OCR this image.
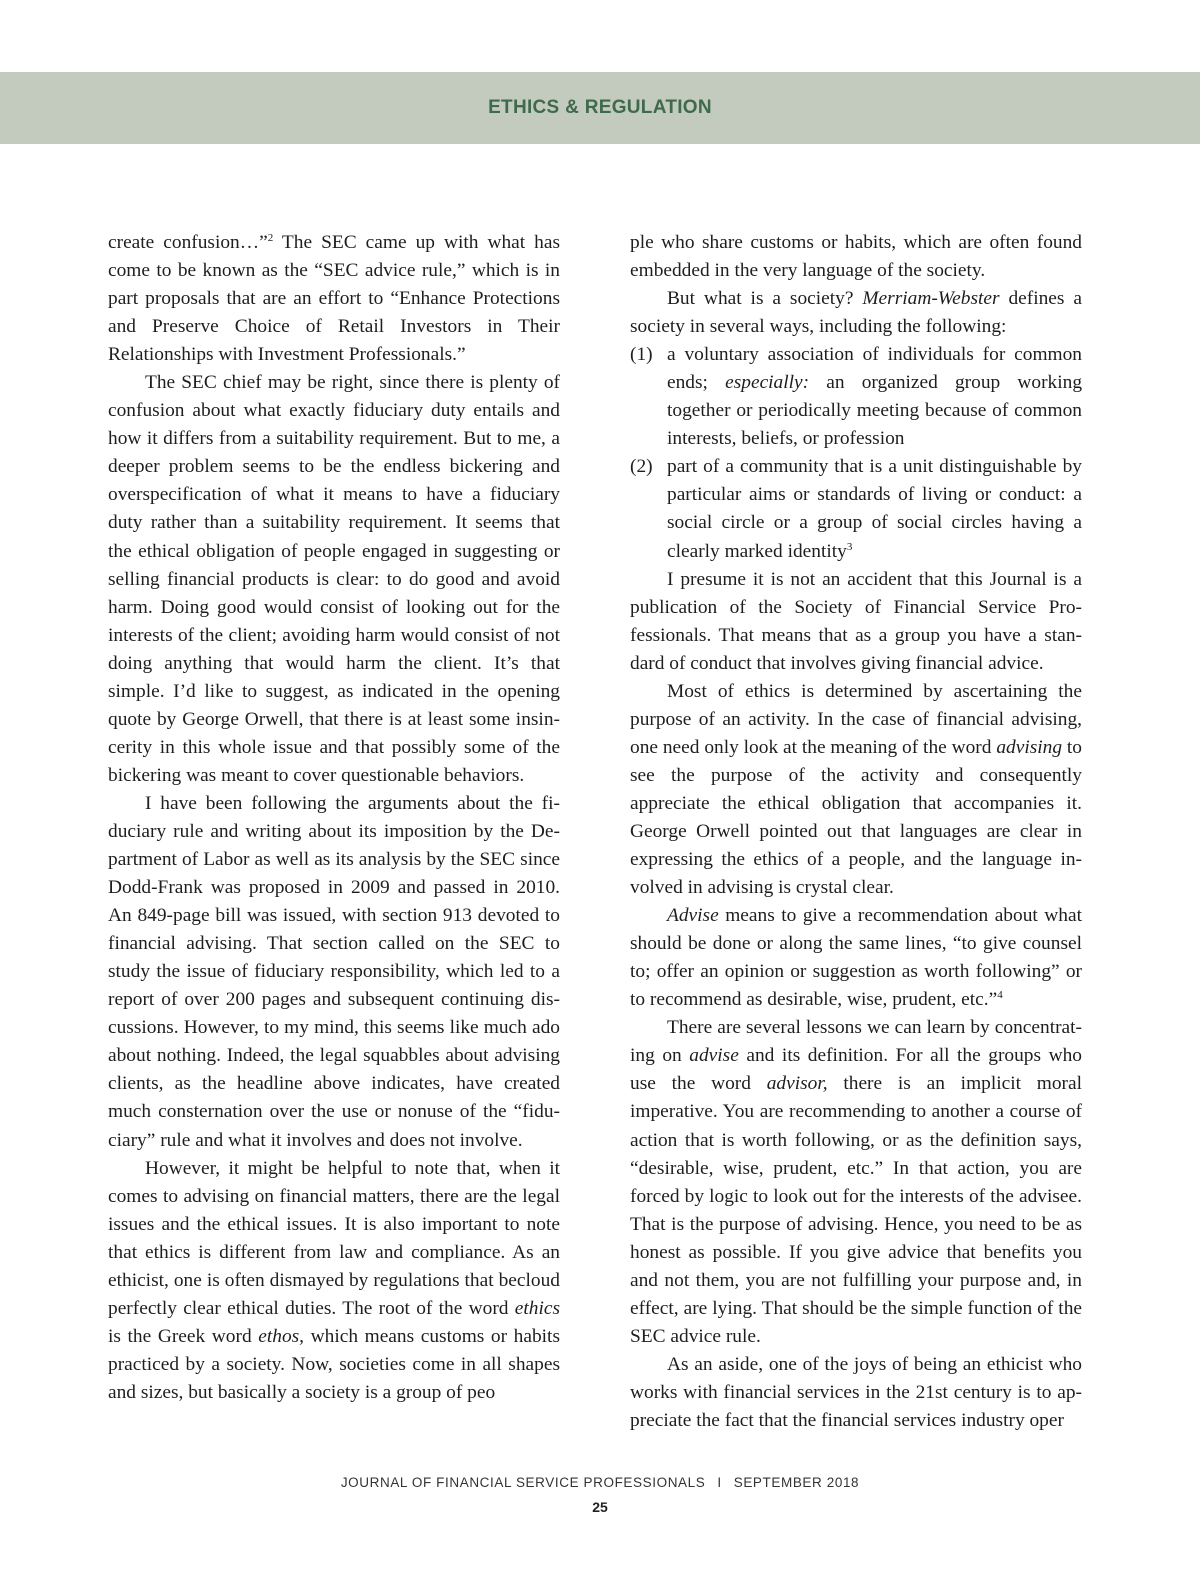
ETHICS & REGULATION

create confusion…”$^2$ The SEC came up with what has come to be known as the “SEC advice rule,” which is in part proposals that are an effort to “Enhance Protections and Preserve Choice of Retail Investors in Their Relationships with Investment Professionals.”

The SEC chief may be right, since there is plenty of confusion about what exactly fiduciary duty entails and how it differs from a suitability requirement. But to me, a deeper problem seems to be the endless bickering and overspecification of what it means to have a fiduciary duty rather than a suitability requirement. It seems that the ethical obligation of people engaged in suggesting or selling financial products is clear: to do good and avoid harm. Doing good would consist of looking out for the interests of the client; avoiding harm would consist of not doing anything that would harm the client. It’s that simple. I’d like to suggest, as indicated in the opening quote by George Orwell, that there is at least some insincerity in this whole issue and that possibly some of the bickering was meant to cover questionable behaviors.

I have been following the arguments about the fiduciary rule and writing about its imposition by the Department of Labor as well as its analysis by the SEC since Dodd-Frank was proposed in 2009 and passed in 2010. An 849-page bill was issued, with section 913 devoted to financial advising. That section called on the SEC to study the issue of fiduciary responsibility, which led to a report of over 200 pages and subsequent continuing discussions. However, to my mind, this seems like much ado about nothing. Indeed, the legal squabbles about advising clients, as the headline above indicates, have created much consternation over the use or nonuse of the “fiduciary” rule and what it involves and does not involve.

However, it might be helpful to note that, when it comes to advising on financial matters, there are the legal issues and the ethical issues. It is also important to note that ethics is different from law and compliance. As an ethicist, one is often dismayed by regulations that becloud perfectly clear ethical duties. The root of the word ethics is the Greek word ethos, which means customs or habits practiced by a society. Now, societies come in all shapes and sizes, but basically a society is a group of peo

ple who share customs or habits, which are often found embedded in the very language of the society.

But what is a society? Merriam-Webster defines a society in several ways, including the following:

(1) a voluntary association of individuals for common ends; especially: an organized group working together or periodically meeting because of common interests, beliefs, or profession
(2) part of a community that is a unit distinguishable by particular aims or standards of living or conduct: a social circle or a group of social circles having a clearly marked identity$^3$

I presume it is not an accident that this Journal is a publication of the Society of Financial Service Professionals. That means that as a group you have a standard of conduct that involves giving financial advice.

Most of ethics is determined by ascertaining the purpose of an activity. In the case of financial advising, one need only look at the meaning of the word advising to see the purpose of the activity and consequently appreciate the ethical obligation that accompanies it. George Orwell pointed out that languages are clear in expressing the ethics of a people, and the language involved in advising is crystal clear.

Advise means to give a recommendation about what should be done or along the same lines, “to give counsel to; offer an opinion or suggestion as worth following” or to recommend as desirable, wise, prudent, etc.”$^4$

There are several lessons we can learn by concentrating on advise and its definition. For all the groups who use the word advisor, there is an implicit moral imperative. You are recommending to another a course of action that is worth following, or as the definition says, “desirable, wise, prudent, etc.” In that action, you are forced by logic to look out for the interests of the advisee. That is the purpose of advising. Hence, you need to be as honest as possible. If you give advice that benefits you and not them, you are not fulfilling your purpose and, in effect, are lying. That should be the simple function of the SEC advice rule.

As an aside, one of the joys of being an ethicist who works with financial services in the 21st century is to appreciate the fact that the financial services industry oper

JOURNAL OF FINANCIAL SERVICE PROFESSIONALS I SEPTEMBER 2018
25
